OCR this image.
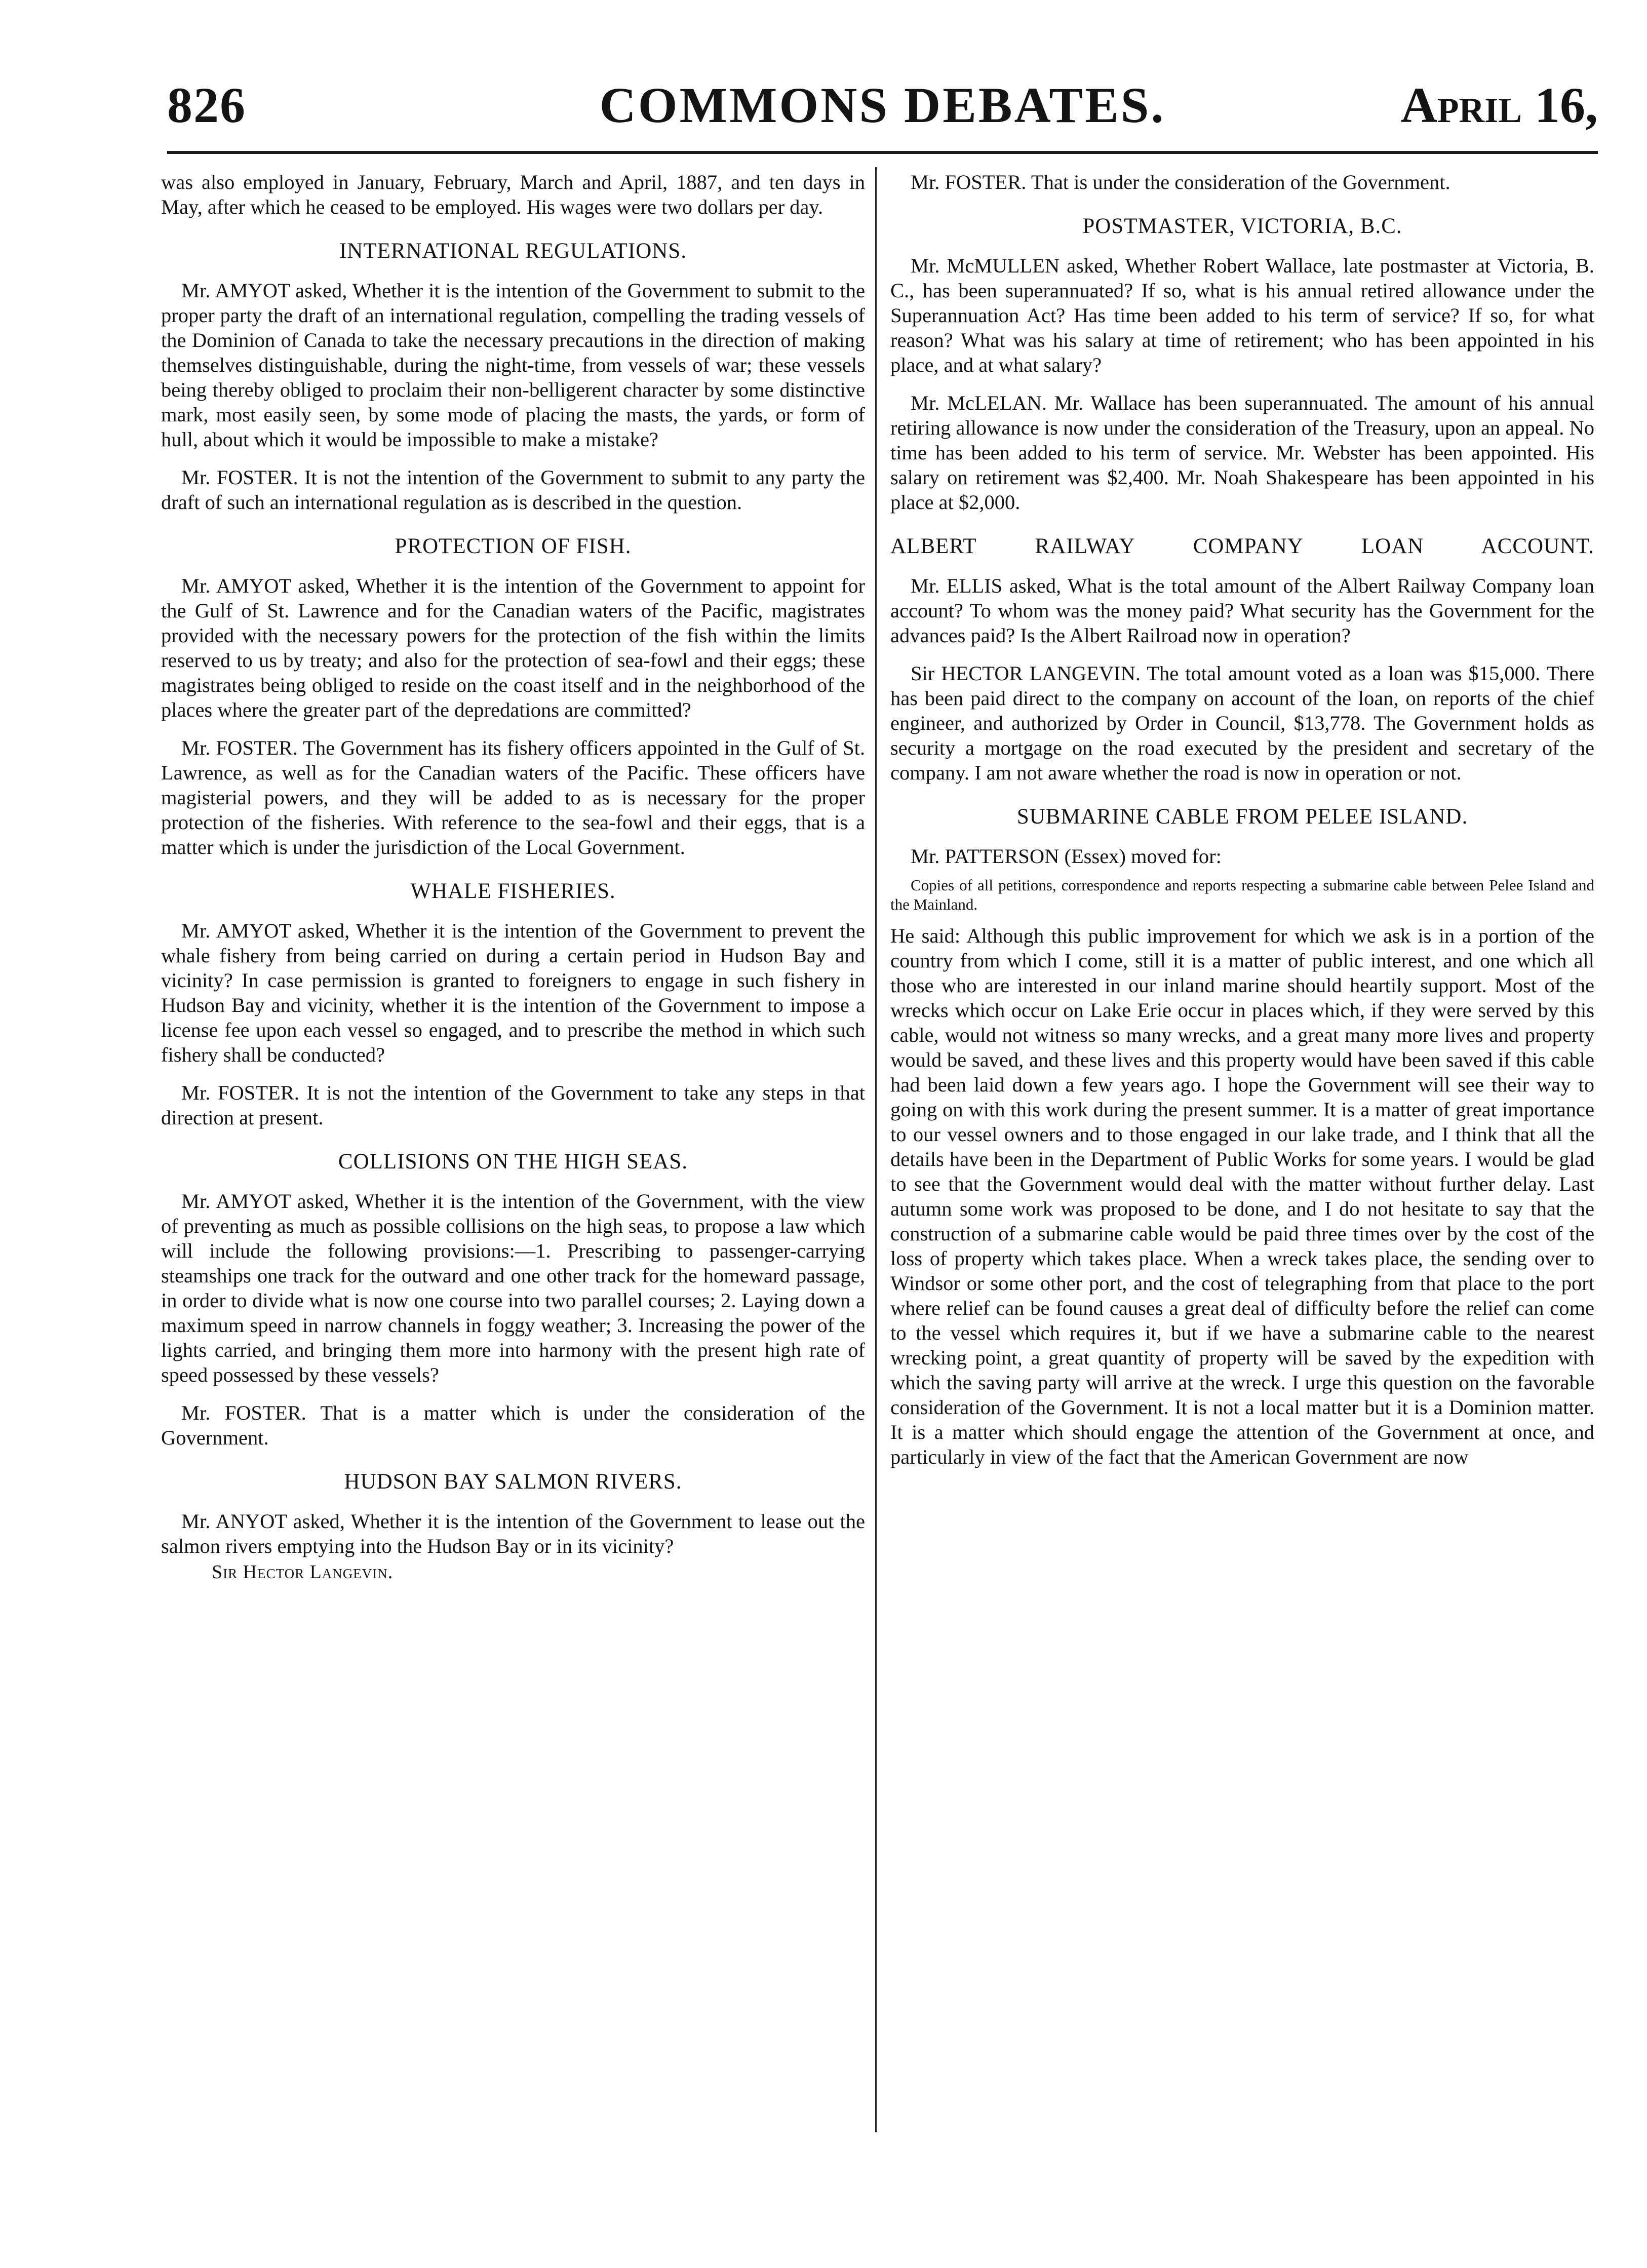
826	COMMONS DEBATES.	April 16,

was also employed in January, February, March and April, 1887, and ten days in May, after which he ceased to be employed. His wages were two dollars per day.

INTERNATIONAL REGULATIONS.

Mr. AMYOT asked, Whether it is the intention of the Government to submit to the proper party the draft of an international regulation, compelling the trading vessels of the Dominion of Canada to take the necessary precautions in the direction of making themselves distinguishable, during the night-time, from vessels of war; these vessels being thereby obliged to proclaim their non-belligerent character by some distinctive mark, most easily seen, by some mode of placing the masts, the yards, or form of hull, about which it would be impossible to make a mistake?

Mr. FOSTER. It is not the intention of the Government to submit to any party the draft of such an international regulation as is described in the question.

PROTECTION OF FISH.

Mr. AMYOT asked, Whether it is the intention of the Government to appoint for the Gulf of St. Lawrence and for the Canadian waters of the Pacific, magistrates provided with the necessary powers for the protection of the fish within the limits reserved to us by treaty; and also for the protection of sea-fowl and their eggs; these magistrates being obliged to reside on the coast itself and in the neighborhood of the places where the greater part of the depredations are committed?

Mr. FOSTER. The Government has its fishery officers appointed in the Gulf of St. Lawrence, as well as for the Canadian waters of the Pacific. These officers have magisterial powers, and they will be added to as is necessary for the proper protection of the fisheries. With reference to the sea-fowl and their eggs, that is a matter which is under the jurisdiction of the Local Government.

WHALE FISHERIES.

Mr. AMYOT asked, Whether it is the intention of the Government to prevent the whale fishery from being carried on during a certain period in Hudson Bay and vicinity? In case permission is granted to foreigners to engage in such fishery in Hudson Bay and vicinity, whether it is the intention of the Government to impose a license fee upon each vessel so engaged, and to prescribe the method in which such fishery shall be conducted?

Mr. FOSTER. It is not the intention of the Government to take any steps in that direction at present.

COLLISIONS ON THE HIGH SEAS.

Mr. AMYOT asked, Whether it is the intention of the Government, with the view of preventing as much as possible collisions on the high seas, to propose a law which will include the following provisions:—1. Prescribing to passenger-carrying steamships one track for the outward and one other track for the homeward passage, in order to divide what is now one course into two parallel courses; 2. Laying down a maximum speed in narrow channels in foggy weather; 3. Increasing the power of the lights carried, and bringing them more into harmony with the present high rate of speed possessed by these vessels?

Mr. FOSTER. That is a matter which is under the consideration of the Government.

HUDSON BAY SALMON RIVERS.

Mr. ANYOT asked, Whether it is the intention of the Government to lease out the salmon rivers emptying into the Hudson Bay or in its vicinity?

Sir Hector Langevin.

Mr. FOSTER. That is under the consideration of the Government.

POSTMASTER, VICTORIA, B.C.

Mr. McMULLEN asked, Whether Robert Wallace, late postmaster at Victoria, B. C., has been superannuated? If so, what is his annual retired allowance under the Superannuation Act? Has time been added to his term of service? If so, for what reason? What was his salary at time of retirement; who has been appointed in his place, and at what salary?

Mr. McLELAN. Mr. Wallace has been superannuated. The amount of his annual retiring allowance is now under the consideration of the Treasury, upon an appeal. No time has been added to his term of service. Mr. Webster has been appointed. His salary on retirement was $2,400. Mr. Noah Shakespeare has been appointed in his place at $2,000.

ALBERT RAILWAY COMPANY LOAN ACCOUNT.

Mr. ELLIS asked, What is the total amount of the Albert Railway Company loan account? To whom was the money paid? What security has the Government for the advances paid? Is the Albert Railroad now in operation?

Sir HECTOR LANGEVIN. The total amount voted as a loan was $15,000. There has been paid direct to the company on account of the loan, on reports of the chief engineer, and authorized by Order in Council, $13,778. The Government holds as security a mortgage on the road executed by the president and secretary of the company. I am not aware whether the road is now in operation or not.

SUBMARINE CABLE FROM PELEE ISLAND.

Mr. PATTERSON (Essex) moved for:

Copies of all petitions, correspondence and reports respecting a submarine cable between Pelee Island and the Mainland.

He said: Although this public improvement for which we ask is in a portion of the country from which I come, still it is a matter of public interest, and one which all those who are interested in our inland marine should heartily support. Most of the wrecks which occur on Lake Erie occur in places which, if they were served by this cable, would not witness so many wrecks, and a great many more lives and property would be saved, and these lives and this property would have been saved if this cable had been laid down a few years ago. I hope the Government will see their way to going on with this work during the present summer. It is a matter of great importance to our vessel owners and to those engaged in our lake trade, and I think that all the details have been in the Department of Public Works for some years. I would be glad to see that the Government would deal with the matter without further delay. Last autumn some work was proposed to be done, and I do not hesitate to say that the construction of a submarine cable would be paid three times over by the cost of the loss of property which takes place. When a wreck takes place, the sending over to Windsor or some other port, and the cost of telegraphing from that place to the port where relief can be found causes a great deal of difficulty before the relief can come to the vessel which requires it, but if we have a submarine cable to the nearest wrecking point, a great quantity of property will be saved by the expedition with which the saving party will arrive at the wreck. I urge this question on the favorable consideration of the Government. It is not a local matter but it is a Dominion matter. It is a matter which should engage the attention of the Government at once, and particularly in view of the fact that the American Government are now
